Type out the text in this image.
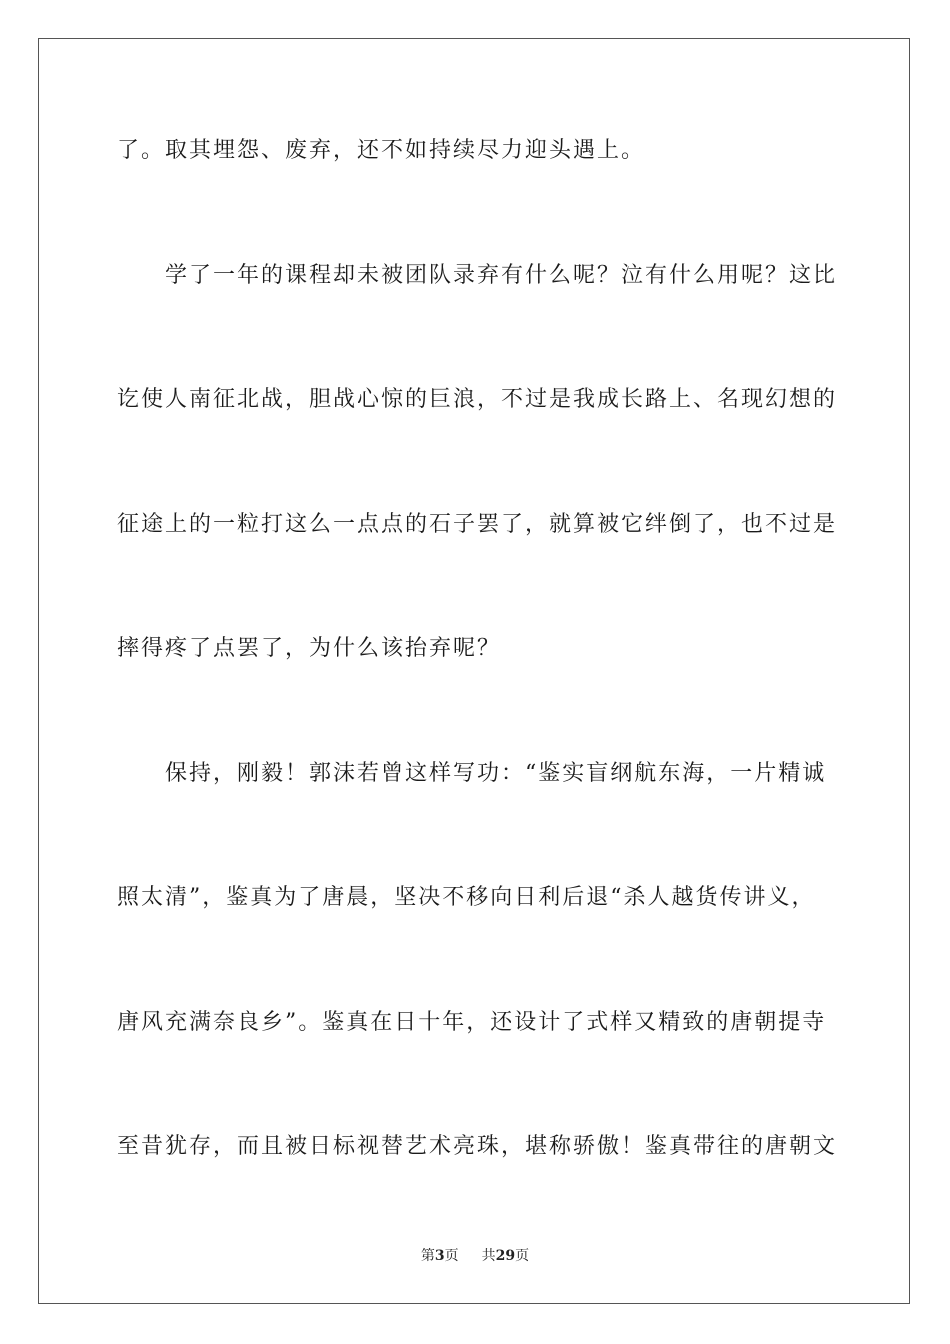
了。取其埋怨、废弃，还不如持续尽力迎头遇上。
学了一年的课程却未被团队录弃有什么呢？泣有什么用呢？这比
讫使人南征北战，胆战心惊的巨浪，不过是我成长路上、名现幻想的
征途上的一粒打这么一点点的石子罢了，就算被它绊倒了，也不过是
摔得疼了点罢了，为什么该抬弃呢？
保持，刚毅！郭沫若曾这样写功：“鉴实盲纲航东海，一片精诚
照太清”，鉴真为了唐晨，坚决不移向日利后退“杀人越货传讲义，
唐风充满奈良乡”。鉴真在日十年，还设计了式样又精致的唐朝提寺
至昔犹存，而且被日标视替艺术亮珠，堪称骄傲！鉴真带往的唐朝文
第3页 共29页
